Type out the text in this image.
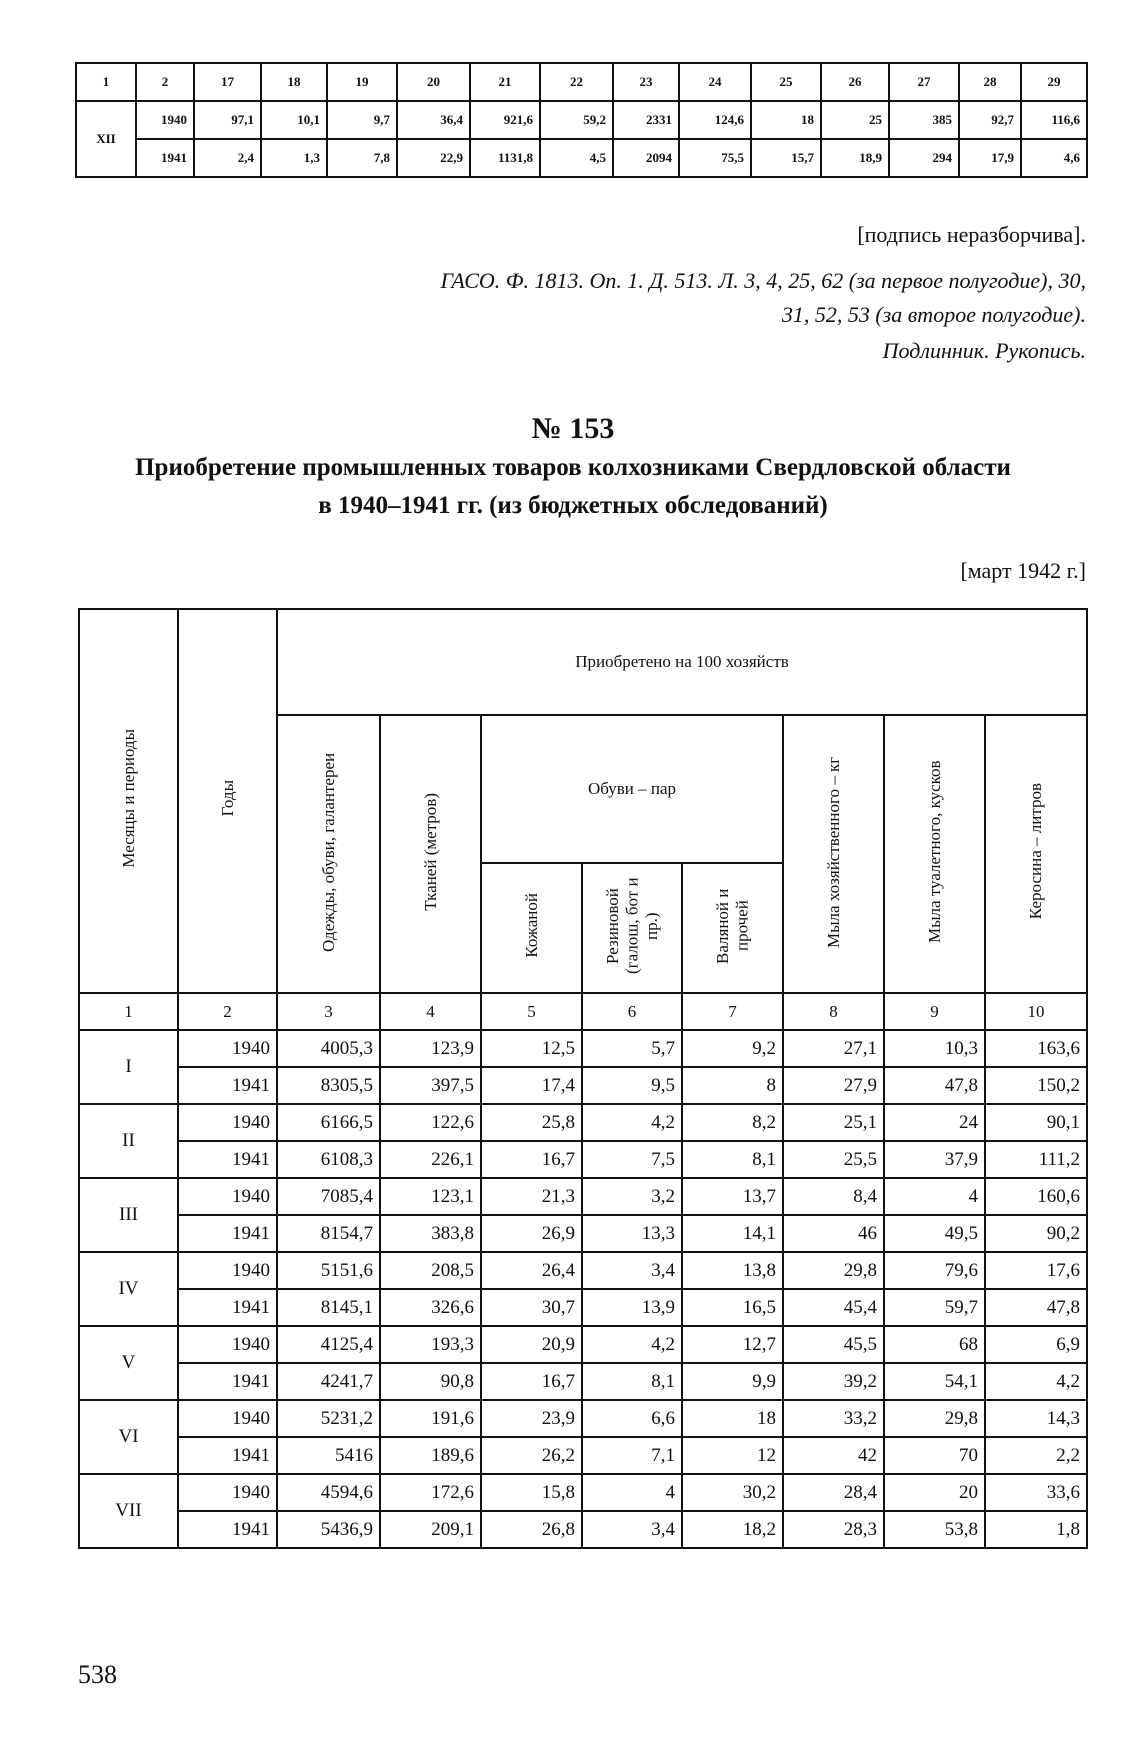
1	2	17	18	19	20	21	22	23	24	25	26	27	28	29
XII	1940	97,1	10,1	9,7	36,4	921,6	59,2	2331	124,6	18	25	385	92,7	116,6
	1941	2,4	1,3	7,8	22,9	1131,8	4,5	2094	75,5	15,7	18,9	294	17,9	4,6
[подпись неразборчива].
ГАСО. Ф. 1813. Оп. 1. Д. 513. Л. 3, 4, 25, 62 (за первое полугодие), 30,
31, 52, 53 (за второе полугодие).
Подлинник. Рукопись.
№ 153
Приобретение промышленных товаров колхозниками Свердловской области
в 1940–1941 гг. (из бюджетных обследований)
[март 1942 г.]
Месяцы и периоды	Годы	Приобретено на 100 хозяйств							
		Одежды, обуви, галантереи	Тканей (метров)	Обуви – пар			Мыла хозяйственного – кг	Мыла туалетного, кусков	Керосина – литров
				Кожаной	Резиновой (галош, бот и пр.)	Валяной и прочей			
1	2	3	4	5	6	7	8	9	10
I	1940	4005,3	123,9	12,5	5,7	9,2	27,1	10,3	163,6
	1941	8305,5	397,5	17,4	9,5	8	27,9	47,8	150,2
II	1940	6166,5	122,6	25,8	4,2	8,2	25,1	24	90,1
	1941	6108,3	226,1	16,7	7,5	8,1	25,5	37,9	111,2
III	1940	7085,4	123,1	21,3	3,2	13,7	8,4	4	160,6
	1941	8154,7	383,8	26,9	13,3	14,1	46	49,5	90,2
IV	1940	5151,6	208,5	26,4	3,4	13,8	29,8	79,6	17,6
	1941	8145,1	326,6	30,7	13,9	16,5	45,4	59,7	47,8
V	1940	4125,4	193,3	20,9	4,2	12,7	45,5	68	6,9
	1941	4241,7	90,8	16,7	8,1	9,9	39,2	54,1	4,2
VI	1940	5231,2	191,6	23,9	6,6	18	33,2	29,8	14,3
	1941	5416	189,6	26,2	7,1	12	42	70	2,2
VII	1940	4594,6	172,6	15,8	4	30,2	28,4	20	33,6
	1941	5436,9	209,1	26,8	3,4	18,2	28,3	53,8	1,8
538
